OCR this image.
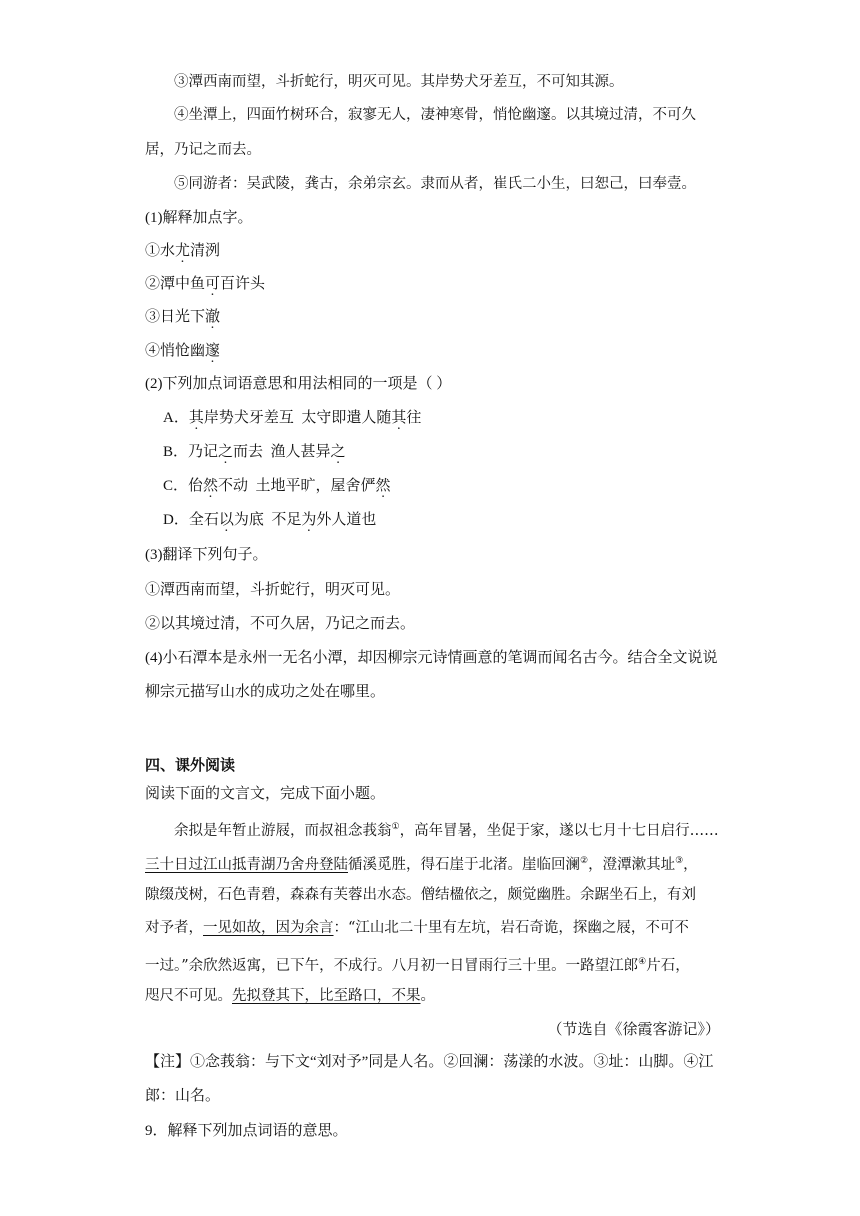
③潭西南而望，斗折蛇行，明灭可见。其岸势犬牙差互，不可知其源。
④坐潭上，四面竹树环合，寂寥无人，凄神寒骨，悄怆幽邃。以其境过清，不可久
居，乃记之而去。
⑤同游者：吴武陵，龚古，余弟宗玄。隶而从者，崔氏二小生，曰恕己，曰奉壹。
(1)解释加点字。
①水尤清洌
②潭中鱼可百许头
③日光下澈
④悄怆幽邃
(2)下列加点词语意思和用法相同的一项是（ ）
A．其岸势犬牙差互  太守即遣人随其往
B．乃记之而去  渔人甚异之
C．佁然不动  土地平旷，屋舍俨然
D．全石以为底  不足为外人道也
(3)翻译下列句子。
①潭西南而望，斗折蛇行，明灭可见。
②以其境过清，不可久居，乃记之而去。
(4)小石潭本是永州一无名小潭，却因柳宗元诗情画意的笔调而闻名古今。结合全文说说
柳宗元描写山水的成功之处在哪里。
四、课外阅读
阅读下面的文言文，完成下面小题。
余拟是年暂止游屐，而叔祖念莪翁①，高年冒暑，坐促于家，遂以七月十七日启行……
三十日过江山抵青湖乃舍舟登陆循溪觅胜，得石崖于北渚。崖临回澜②，澄潭漱其址③，
隙缀茂树，石色青碧，森森有芙蓉出水态。僧结楹依之，颇觉幽胜。余踞坐石上，有刘
对予者，一见如故，因为余言：“江山北二十里有左坑，岩石奇诡，探幽之屐，不可不
一过。”余欣然返寓，已下午，不成行。八月初一日冒雨行三十里。一路望江郎④片石，
咫尺不可见。先拟登其下，比至路口，不果。
（节选自《徐霞客游记》）
【注】①念莪翁：与下文“刘对予”同是人名。②回澜：荡漾的水波。③址：山脚。④江
郎：山名。
9．解释下列加点词语的意思。
